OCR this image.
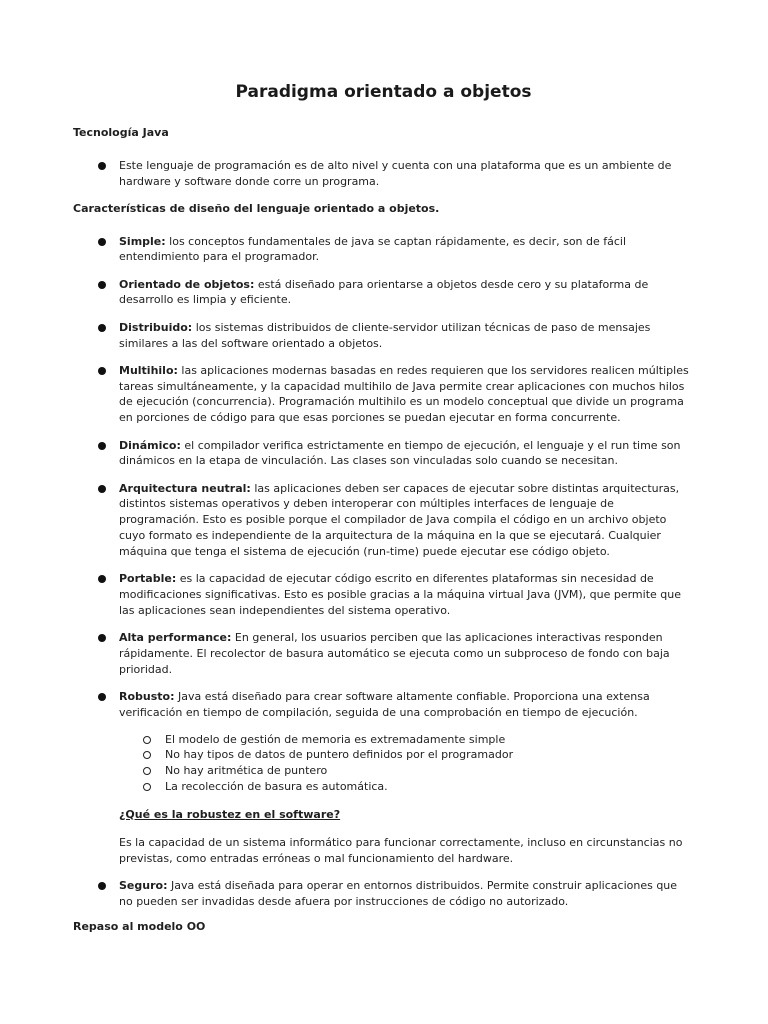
Paradigma orientado a objetos

Tecnología Java

Este lenguaje de programación es de alto nivel y cuenta con una plataforma que es un ambiente de hardware y software donde corre un programa.

Características de diseño del lenguaje orientado a objetos.

Simple: los conceptos fundamentales de java se captan rápidamente, es decir, son de fácil entendimiento para el programador.
Orientado de objetos: está diseñado para orientarse a objetos desde cero y su plataforma de desarrollo es limpia y eficiente.
Distribuido: los sistemas distribuidos de cliente-servidor utilizan técnicas de paso de mensajes similares a las del software orientado a objetos.
Multihilo: las aplicaciones modernas basadas en redes requieren que los servidores realicen múltiples tareas simultáneamente, y la capacidad multihilo de Java permite crear aplicaciones con muchos hilos de ejecución (concurrencia). Programación multihilo es un modelo conceptual que divide un programa en porciones de código para que esas porciones se puedan ejecutar en forma concurrente.
Dinámico: el compilador verifica estrictamente en tiempo de ejecución, el lenguaje y el run time son dinámicos en la etapa de vinculación. Las clases son vinculadas solo cuando se necesitan.
Arquitectura neutral: las aplicaciones deben ser capaces de ejecutar sobre distintas arquitecturas, distintos sistemas operativos y deben interoperar con múltiples interfaces de lenguaje de programación. Esto es posible porque el compilador de Java compila el código en un archivo objeto cuyo formato es independiente de la arquitectura de la máquina en la que se ejecutará. Cualquier máquina que tenga el sistema de ejecución (run-time) puede ejecutar ese código objeto.
Portable: es la capacidad de ejecutar código escrito en diferentes plataformas sin necesidad de modificaciones significativas. Esto es posible gracias a la máquina virtual Java (JVM), que permite que las aplicaciones sean independientes del sistema operativo.
Alta performance: En general, los usuarios perciben que las aplicaciones interactivas responden rápidamente. El recolector de basura automático se ejecuta como un subproceso de fondo con baja prioridad.
Robusto: Java está diseñado para crear software altamente confiable. Proporciona una extensa verificación en tiempo de compilación, seguida de una comprobación en tiempo de ejecución.
El modelo de gestión de memoria es extremadamente simple
No hay tipos de datos de puntero definidos por el programador
No hay aritmética de puntero
La recolección de basura es automática.
¿Qué es la robustez en el software?
Es la capacidad de un sistema informático para funcionar correctamente, incluso en circunstancias no previstas, como entradas erróneas o mal funcionamiento del hardware.
Seguro: Java está diseñada para operar en entornos distribuidos. Permite construir aplicaciones que no pueden ser invadidas desde afuera por instrucciones de código no autorizado.

Repaso al modelo OO
